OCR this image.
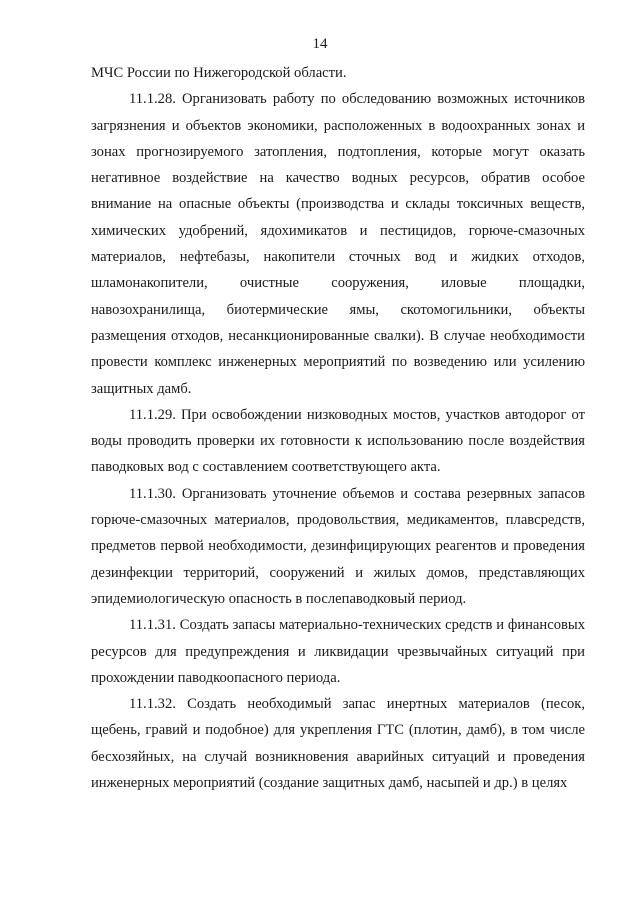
14

МЧС России по Нижегородской области.

11.1.28. Организовать работу по обследованию возможных источников загрязнения и объектов экономики, расположенных в водоохранных зонах и зонах прогнозируемого затопления, подтопления, которые могут оказать негативное воздействие на качество водных ресурсов, обратив особое внимание на опасные объекты (производства и склады токсичных веществ, химических удобрений, ядохимикатов и пестицидов, горюче-смазочных материалов, нефтебазы, накопители сточных вод и жидких отходов, шламонакопители, очистные сооружения, иловые площадки, навозохранилища, биотермические ямы, скотомогильники, объекты размещения отходов, несанкционированные свалки). В случае необходимости провести комплекс инженерных мероприятий по возведению или усилению защитных дамб.

11.1.29. При освобождении низководных мостов, участков автодорог от воды проводить проверки их готовности к использованию после воздействия паводковых вод с составлением соответствующего акта.

11.1.30. Организовать уточнение объемов и состава резервных запасов горюче-смазочных материалов, продовольствия, медикаментов, плавсредств, предметов первой необходимости, дезинфицирующих реагентов и проведения дезинфекции территорий, сооружений и жилых домов, представляющих эпидемиологическую опасность в послепаводковый период.

11.1.31. Создать запасы материально-технических средств и финансовых ресурсов для предупреждения и ликвидации чрезвычайных ситуаций при прохождении паводкоопасного периода.

11.1.32. Создать необходимый запас инертных материалов (песок, щебень, гравий и подобное) для укрепления ГТС (плотин, дамб), в том числе бесхозяйных, на случай возникновения аварийных ситуаций и проведения инженерных мероприятий (создание защитных дамб, насыпей и др.) в целях
